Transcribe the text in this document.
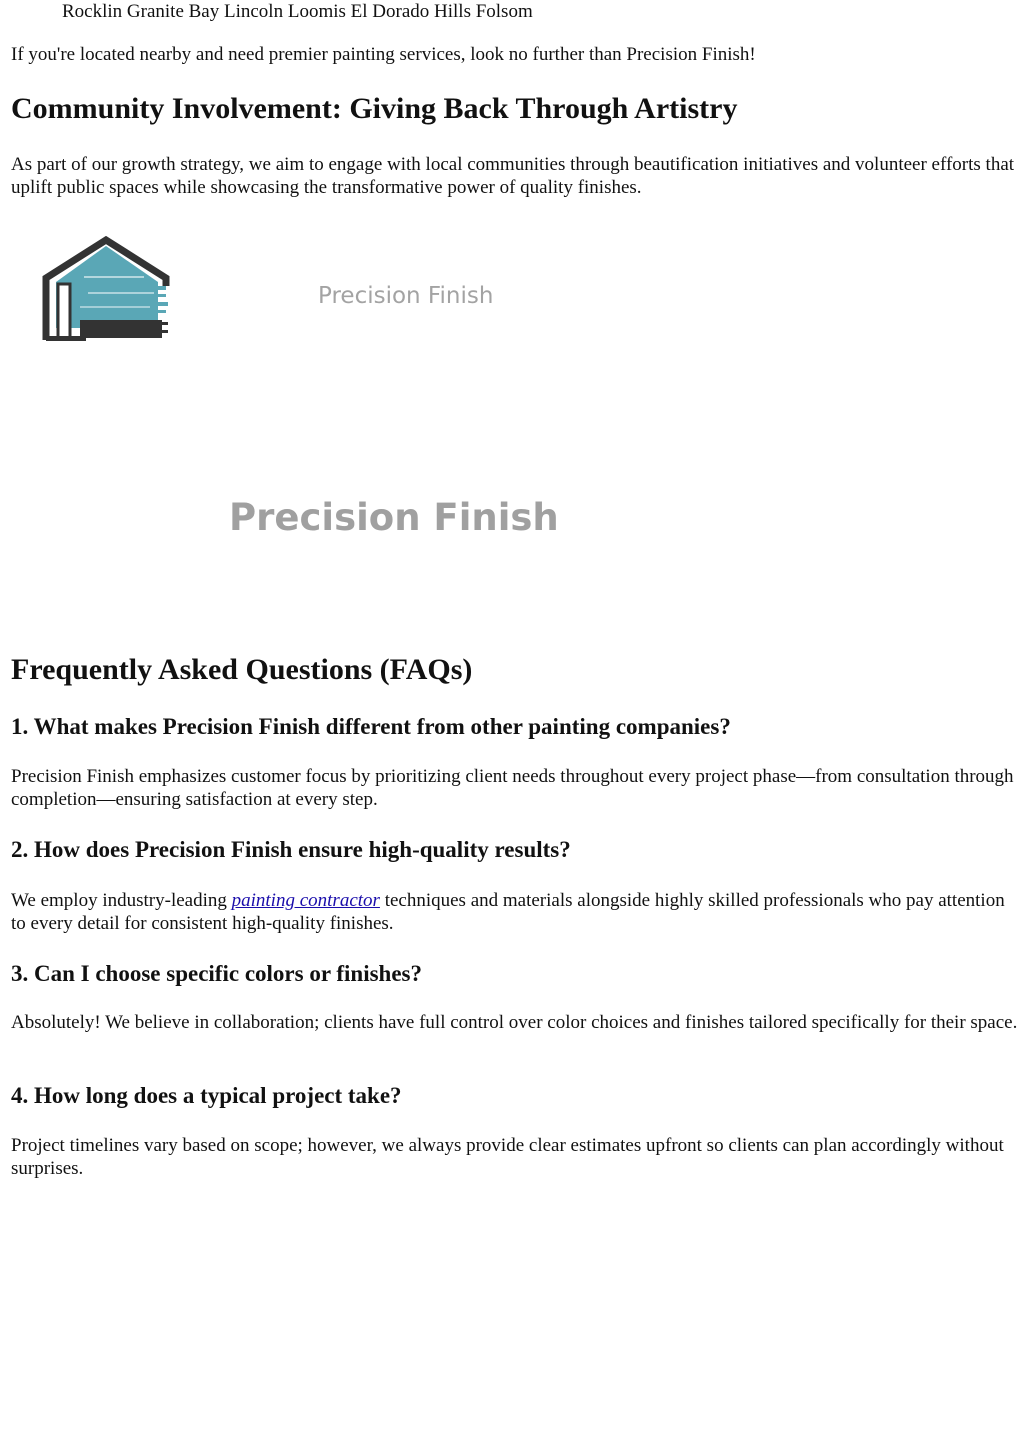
Rocklin Granite Bay Lincoln Loomis El Dorado Hills Folsom

If you're located nearby and need premier painting services, look no further than Precision Finish!

Community Involvement: Giving Back Through Artistry

As part of our growth strategy, we aim to engage with local communities through beautification initiatives and volunteer efforts that uplift public spaces while showcasing the transformative power of quality finishes.

Precision Finish
Precision Finish
Frequently Asked Questions (FAQs)
1. What makes Precision Finish different from other painting companies?

Precision Finish emphasizes customer focus by prioritizing client needs throughout every project phase—from consultation through completion—ensuring satisfaction at every step.

2. How does Precision Finish ensure high-quality results?

We employ industry-leading painting contractor techniques and materials alongside highly skilled professionals who pay attention to every detail for consistent high-quality finishes.

3. Can I choose specific colors or finishes?

Absolutely! We believe in collaboration; clients have full control over color choices and finishes tailored specifically for their space.

4. How long does a typical project take?

Project timelines vary based on scope; however, we always provide clear estimates upfront so clients can plan accordingly without surprises.
